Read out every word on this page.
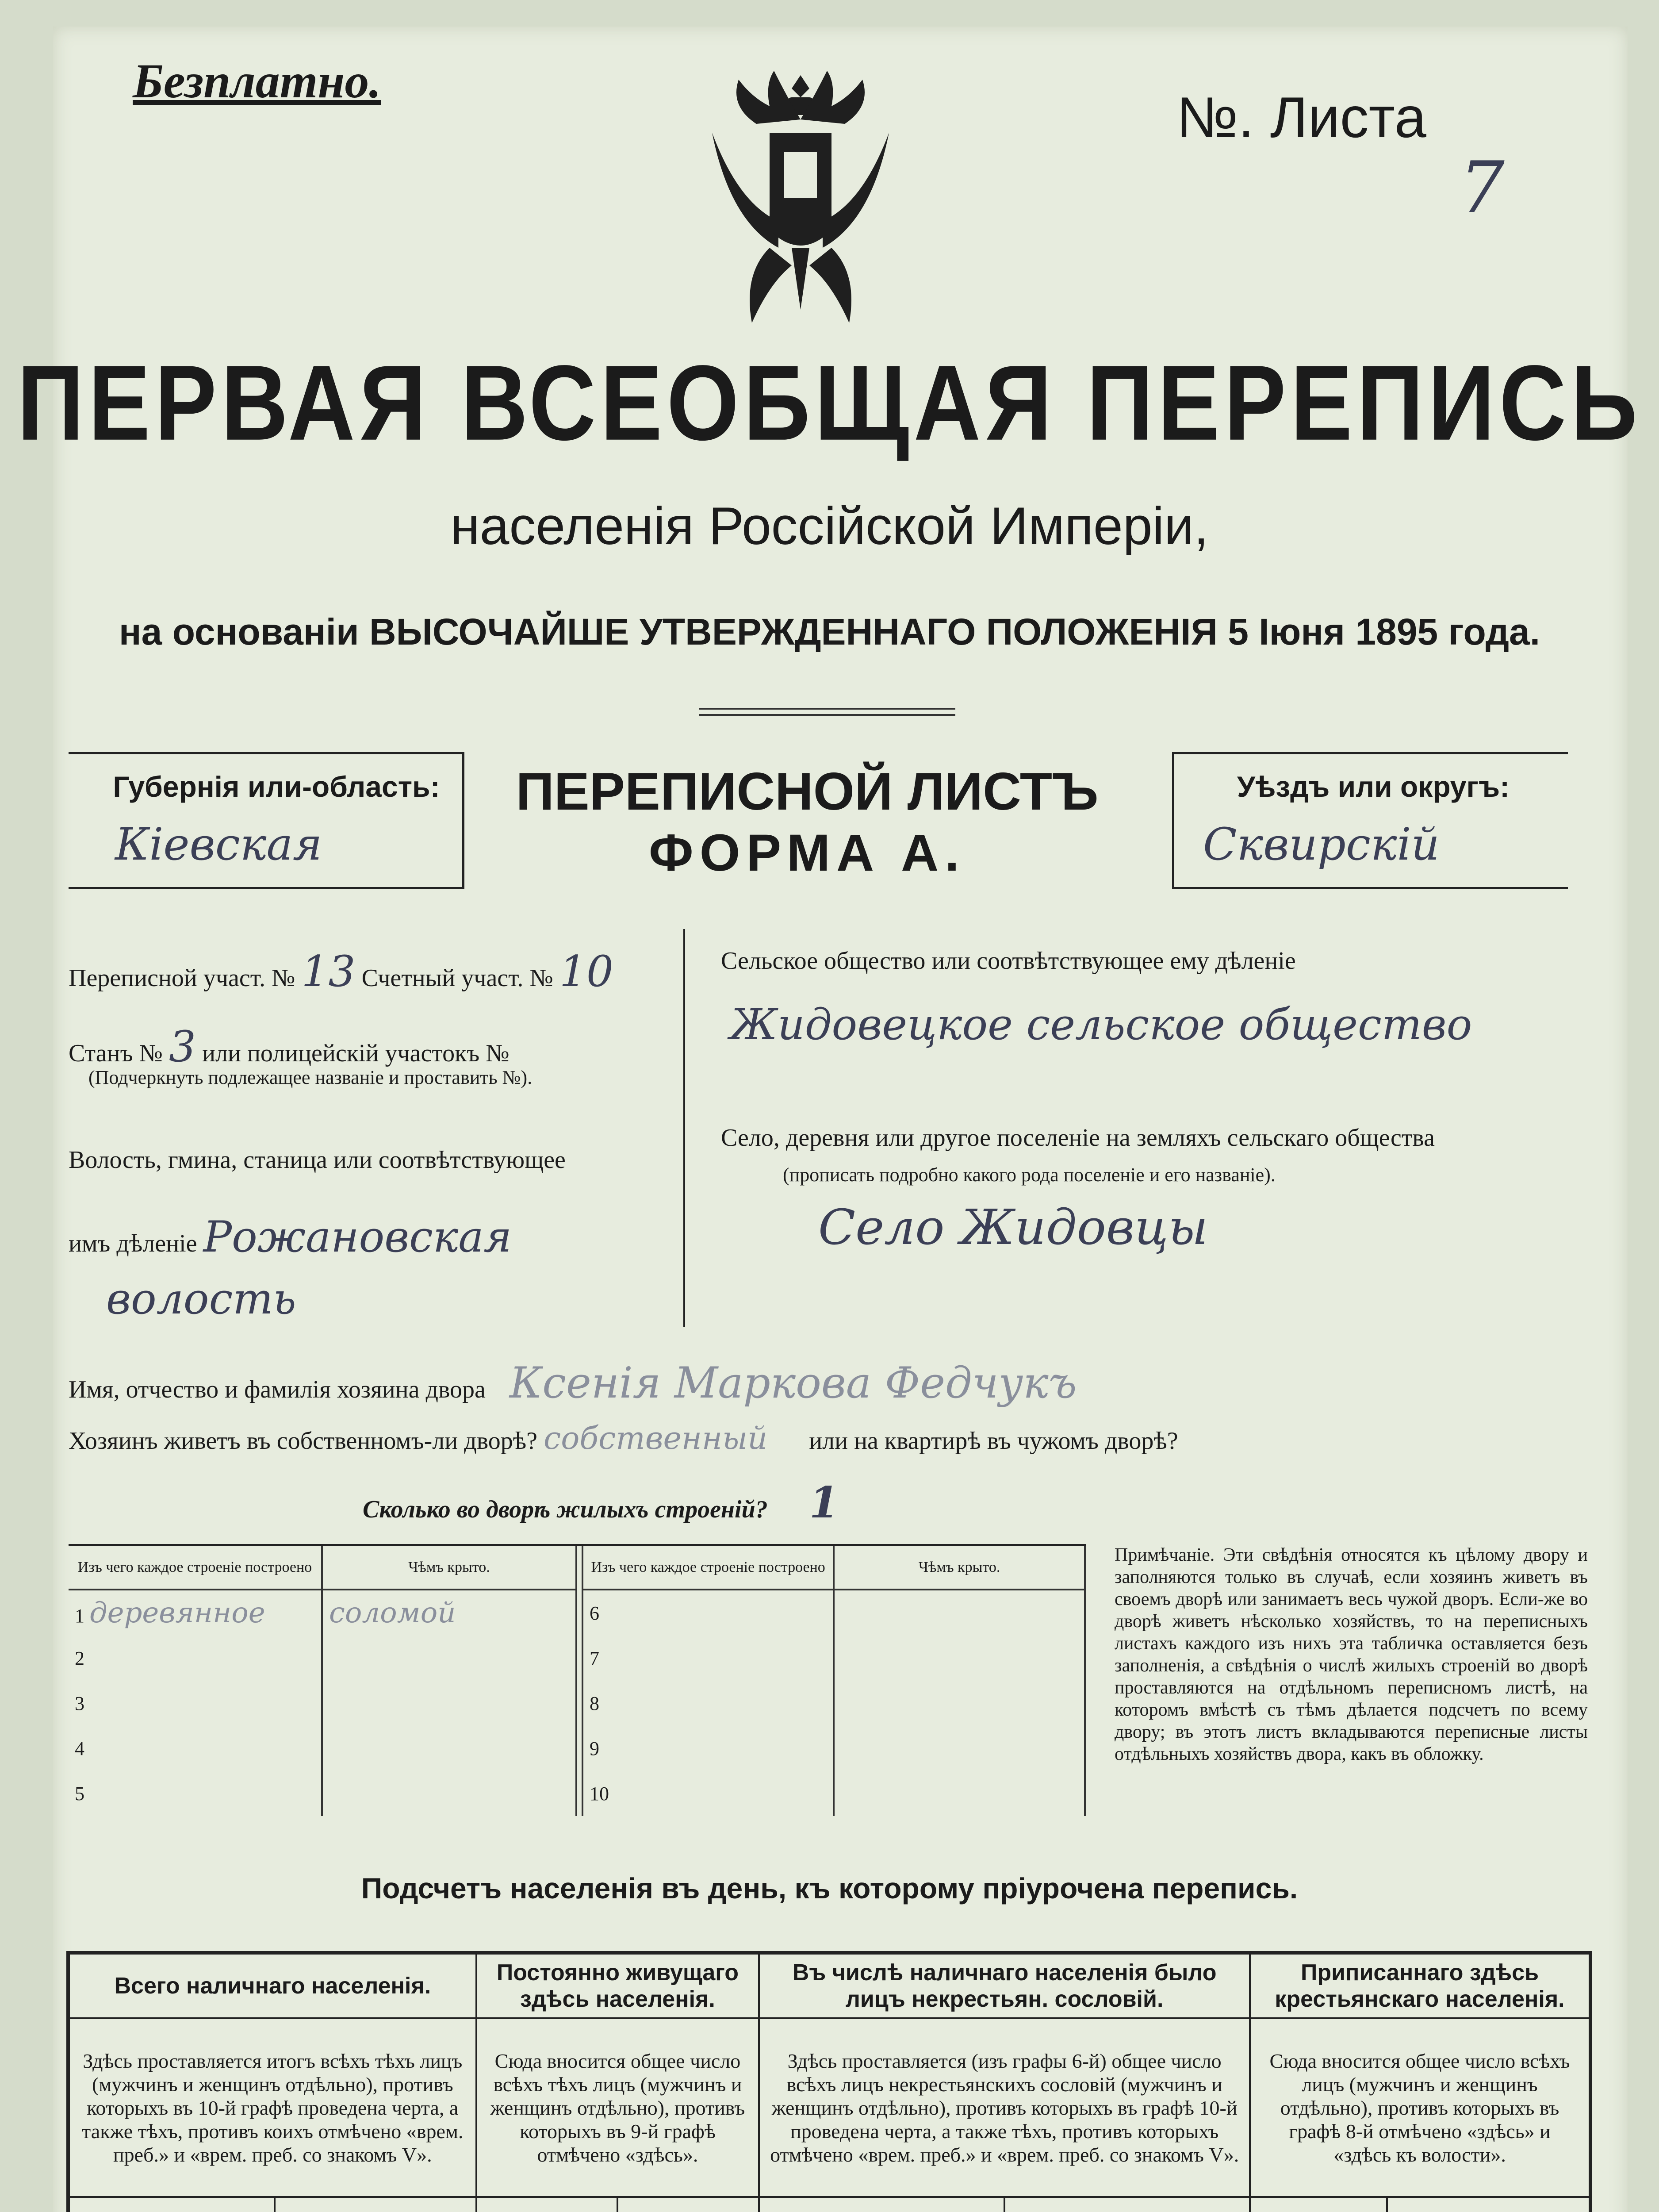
Безплатно.
№. Листа
7
ПЕРВАЯ ВСЕОБЩАЯ ПЕРЕПИСЬ
населенія Россійской Имперіи,
на основаніи ВЫСОЧАЙШЕ УТВЕРЖДЕННАГО ПОЛОЖЕНІЯ 5 Іюня 1895 года.
Губернія или-область:
Кіевская
ПЕРЕПИСНОЙ ЛИСТЪ
ФОРМА А.
Уѣздъ или округъ:
Сквирскій
Переписной участ. № 13 Счетный участ. № 10
Станъ № 3 или полицейскій участокъ №
(Подчеркнуть подлежащее названіе и проставить №).
Волость, гмина, станица или соотвѣтствующее
имъ дѣленіе Рожановская
волость
Сельское общество или соотвѣтствующее ему дѣленіе
Жидовецкое сельское общество
Село, деревня или другое поселеніе на земляхъ сельскаго общества
(прописать подробно какого рода поселеніе и его названіе).
Село Жидовцы
Имя, отчество и фамилія хозяина двора Ксенія Маркова Федчукъ
Хозяинъ живетъ въ собственномъ-ли дворѣ? собственный или на квартирѣ въ чужомъ дворѣ?
Сколько во дворѣ жилыхъ строеній? 1
Изъ чего каждое строеніе построено	Чѣмъ крыто.
1 деревянное	соломой
2	
3	
4	
5	
Изъ чего каждое строеніе построено	Чѣмъ крыто.
6	
7	
8	
9	
10	
Примѣчаніе. Эти свѣдѣнія относятся къ цѣлому двору и заполняются только въ случаѣ, если хозяинъ живетъ въ своемъ дворѣ или занимаетъ весь чужой дворъ. Если-же во дворѣ живетъ нѣсколько хозяйствъ, то на переписныхъ листахъ каждого изъ нихъ эта табличка оставляется безъ заполненія, а свѣдѣнія о числѣ жилыхъ строеній во дворѣ проставляются на отдѣльномъ переписномъ листѣ, на которомъ вмѣстѣ съ тѣмъ дѣлается подсчетъ по всему двору; въ этотъ листъ вкладываются переписные листы отдѣльныхъ хозяйствъ двора, какъ въ обложку.
Подсчетъ населенія въ день, къ которому пріурочена перепись.
Всего наличнаго населенія.		Постоянно живущаго здѣсь населенія.		Въ числѣ наличнаго населенія было лицъ некрестьян. сословій.		Приписаннаго здѣсь крестьянскаго населенія.	
Здѣсь проставляется итогъ всѣхъ тѣхъ лицъ (мужчинъ и женщинъ отдѣльно), противъ которыхъ въ 10-й графѣ проведена черта, а также тѣхъ, противъ коихъ отмѣчено «врем. преб.» и «врем. преб. со знакомъ V».		Сюда вносится общее число всѣхъ тѣхъ лицъ (мужчинъ и женщинъ отдѣльно), противъ которыхъ въ 9-й графѣ отмѣчено «здѣсь».		Здѣсь проставляется (изъ графы 6-й) общее число всѣхъ лицъ некрестьянскихъ сословій (мужчинъ и женщинъ отдѣльно), противъ которыхъ въ графѣ 10-й проведена черта, а также тѣхъ, противъ которыхъ отмѣчено «врем. преб.» и «врем. преб. со знакомъ V».		Сюда вносится общее число всѣхъ лицъ (мужчинъ и женщинъ отдѣльно), противъ которыхъ въ графѣ 8-й отмѣчено «здѣсь» и «здѣсь къ волости».	
